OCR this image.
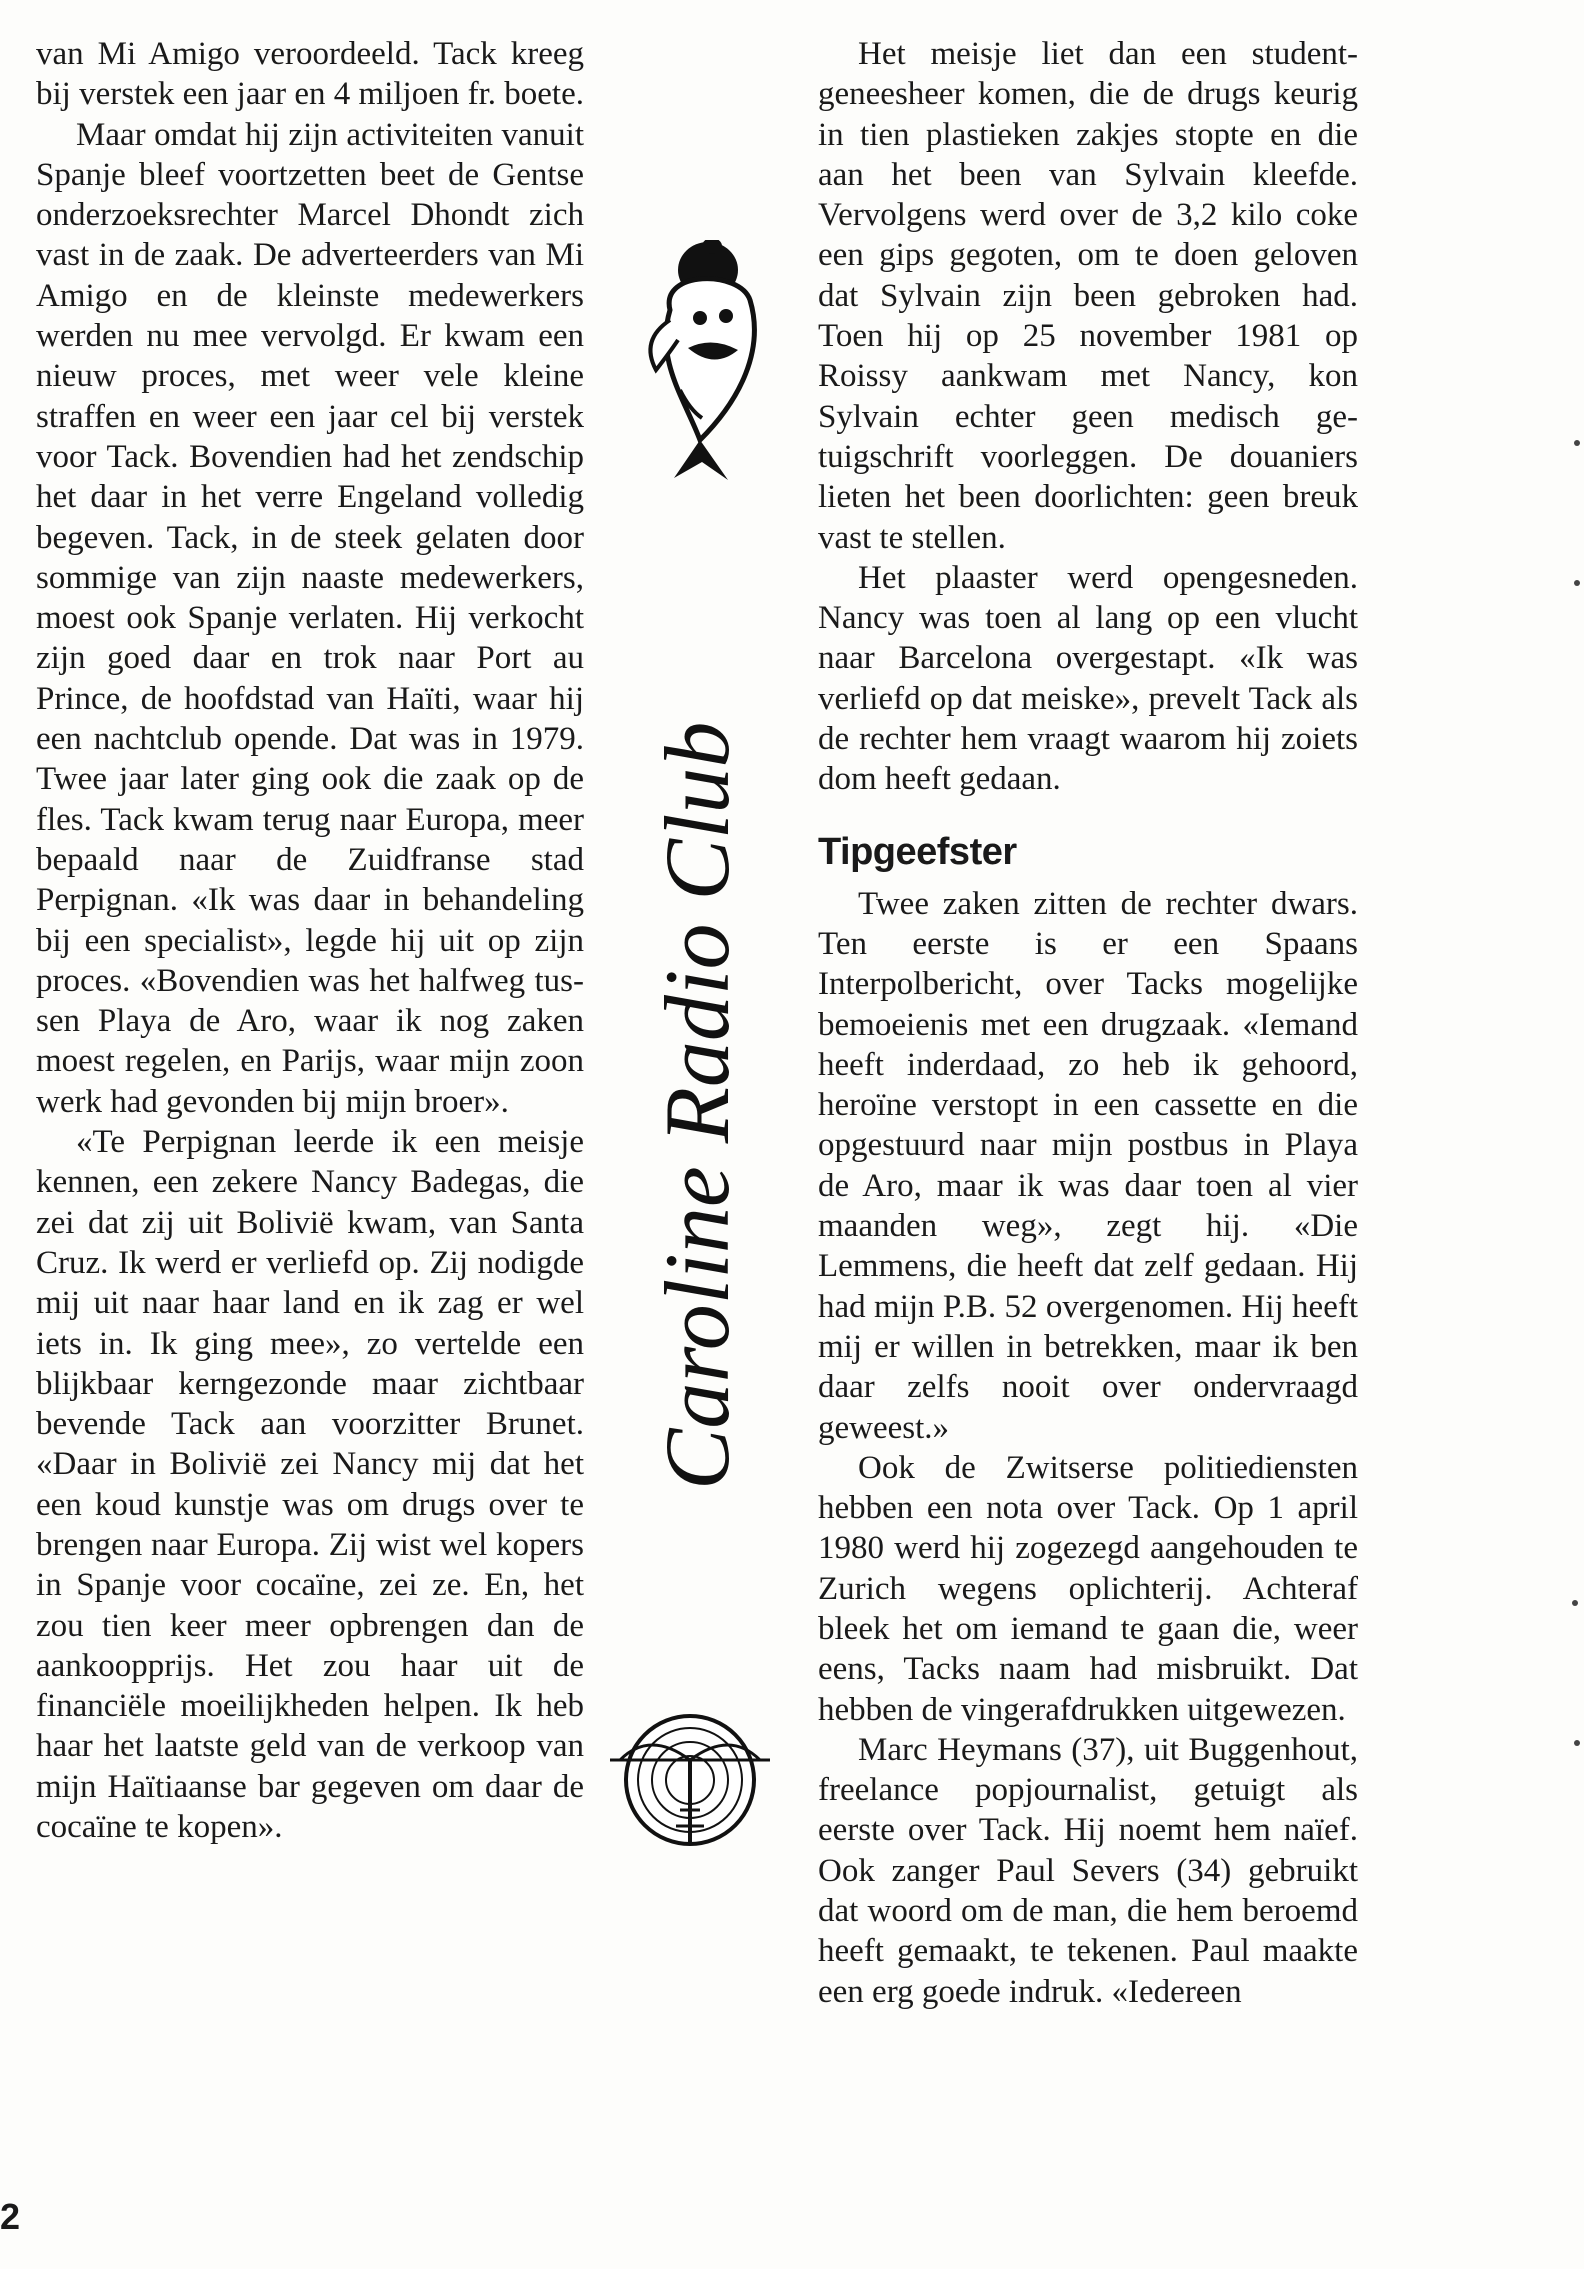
van Mi Amigo veroordeeld. Tack kreeg bij verstek een jaar en 4 miljoen fr. boete.

Maar omdat hij zijn activiteiten vanuit Spanje bleef voortzetten beet de Gentse onderzoeksrechter Marcel Dhondt zich vast in de zaak. De adverteerders van Mi Amigo en de kleinste medewerkers werden nu mee vervolgd. Er kwam een nieuw proces, met weer vele kleine straffen en weer een jaar cel bij verstek voor Tack. Bovendien had het zendschip het daar in het verre Engeland volledig begeven. Tack, in de steek gelaten door sommige van zijn naaste medewerkers, moest ook Spanje verlaten. Hij verkocht zijn goed daar en trok naar Port au Prince, de hoofdstad van Haïti, waar hij een nachtclub opende. Dat was in 1979. Twee jaar later ging ook die zaak op de fles. Tack kwam terug naar Europa, meer bepaald naar de Zuidfranse stad Perpignan. «Ik was daar in behandeling bij een specialist», legde hij uit op zijn proces. «Bovendien was het halfweg tussen Playa de Aro, waar ik nog zaken moest regelen, en Parijs, waar mijn zoon werk had gevonden bij mijn broer».

«Te Perpignan leerde ik een meisje kennen, een zekere Nancy Badegas, die zei dat zij uit Bolivië kwam, van Santa Cruz. Ik werd er verliefd op. Zij nodigde mij uit naar haar land en ik zag er wel iets in. Ik ging mee», zo vertelde een blijkbaar kerngezonde maar zichtbaar bevende Tack aan voorzitter Brunet. «Daar in Bolivië zei Nancy mij dat het een koud kunstje was om drugs over te brengen naar Europa. Zij wist wel kopers in Spanje voor cocaïne, zei ze. En, het zou tien keer meer opbrengen dan de aankoopprijs. Het zou haar uit de financiële moeilijkheden helpen. Ik heb haar het laatste geld van de verkoop van mijn Haïtiaanse bar gegeven om daar de cocaïne te kopen».

Caroline Radio Club

Het meisje liet dan een student-geneesheer komen, die de drugs keurig in tien plastieken zakjes stopte en die aan het been van Sylvain kleefde. Vervolgens werd over de 3,2 kilo coke een gips gegoten, om te doen geloven dat Sylvain zijn been gebroken had. Toen hij op 25 november 1981 op Roissy aankwam met Nancy, kon Sylvain echter geen medisch getuigschrift voorleggen. De douaniers lieten het been doorlichten: geen breuk vast te stellen.

Het plaaster werd opengesneden. Nancy was toen al lang op een vlucht naar Barcelona overgestapt. «Ik was verliefd op dat meiske», prevelt Tack als de rechter hem vraagt waarom hij zoiets dom heeft gedaan.

Tipgeefster

Twee zaken zitten de rechter dwars. Ten eerste is er een Spaans Interpolbericht, over Tacks mogelijke bemoeienis met een drugzaak. «Iemand heeft inderdaad, zo heb ik gehoord, heroïne verstopt in een cassette en die opgestuurd naar mijn postbus in Playa de Aro, maar ik was daar toen al vier maanden weg», zegt hij. «Die Lemmens, die heeft dat zelf gedaan. Hij had mijn P.B. 52 overgenomen. Hij heeft mij er willen in betrekken, maar ik ben daar zelfs nooit over ondervraagd geweest.»

Ook de Zwitserse politiediensten hebben een nota over Tack. Op 1 april 1980 werd hij zogezegd aangehouden te Zurich wegens oplichterij. Achteraf bleek het om iemand te gaan die, weer eens, Tacks naam had misbruikt. Dat hebben de vingerafdrukken uitgewezen.

Marc Heymans (37), uit Buggenhout, freelance popjournalist, getuigt als eerste over Tack. Hij noemt hem naïef. Ook zanger Paul Severs (34) gebruikt dat woord om de man, die hem beroemd heeft gemaakt, te tekenen. Paul maakte een erg goede indruk. «Iedereen

2
